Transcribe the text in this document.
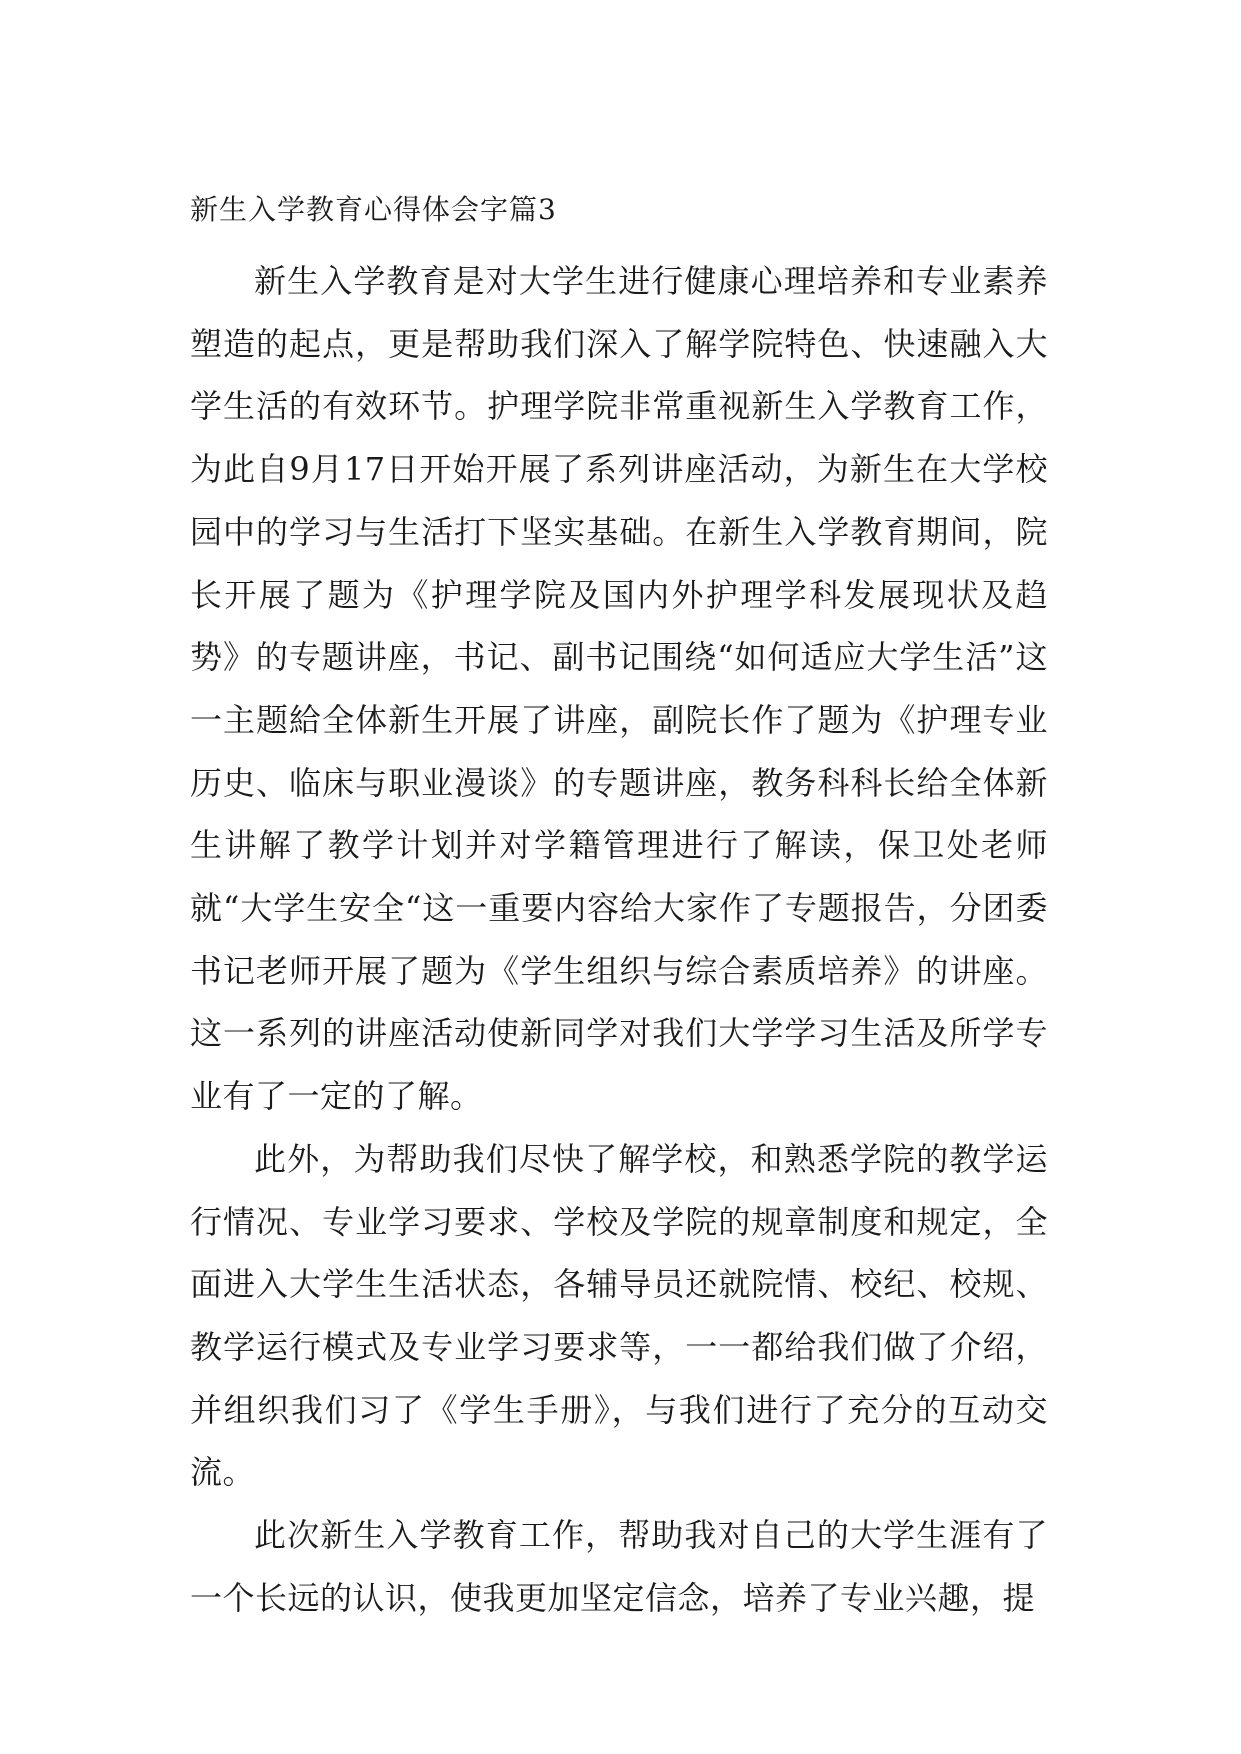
新生入学教育心得体会字篇3

新生入学教育是对大学生进行健康心理培养和专业素养塑造的起点，更是帮助我们深入了解学院特色、快速融入大学生活的有效环节。护理学院非常重视新生入学教育工作，为此自9月17日开始开展了系列讲座活动，为新生在大学校园中的学习与生活打下坚实基础。在新生入学教育期间，院长开展了题为《护理学院及国内外护理学科发展现状及趋势》的专题讲座，书记、副书记围绕“如何适应大学生活”这一主题給全体新生开展了讲座，副院长作了题为《护理专业历史、临床与职业漫谈》的专题讲座，教务科科长给全体新生讲解了教学计划并对学籍管理进行了解读，保卫处老师就“大学生安全“这一重要内容给大家作了专题报告，分团委书记老师开展了题为《学生组织与综合素质培养》的讲座。这一系列的讲座活动使新同学对我们大学学习生活及所学专业有了一定的了解。

此外，为帮助我们尽快了解学校，和熟悉学院的教学运行情况、专业学习要求、学校及学院的规章制度和规定，全面进入大学生生活状态，各辅导员还就院情、校纪、校规、教学运行模式及专业学习要求等，一一都给我们做了介绍，并组织我们习了《学生手册》，与我们进行了充分的互动交流。

此次新生入学教育工作，帮助我对自己的大学生涯有了一个长远的认识，使我更加坚定信念，培养了专业兴趣，提
